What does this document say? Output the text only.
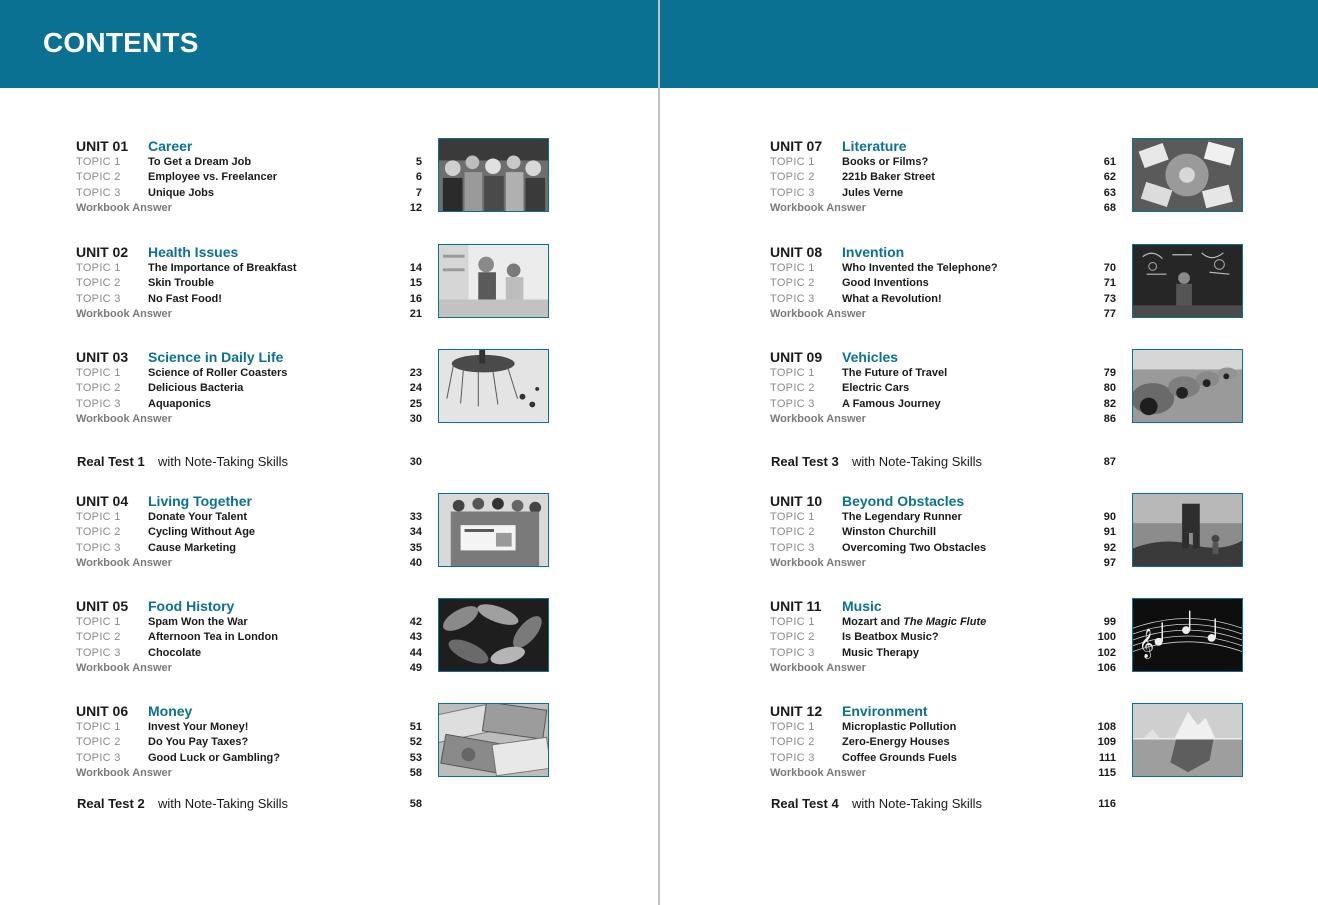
CONTENTS
UNIT 01 Career
TOPIC 1 To Get a Dream Job	5
TOPIC 2 Employee vs. Freelancer	6
TOPIC 3 Unique Jobs	7
Workbook Answer	12
UNIT 02 Health Issues
TOPIC 1 The Importance of Breakfast	14
TOPIC 2 Skin Trouble	15
TOPIC 3 No Fast Food!	16
Workbook Answer	21
UNIT 03 Science in Daily Life
TOPIC 1 Science of Roller Coasters	23
TOPIC 2 Delicious Bacteria	24
TOPIC 3 Aquaponics	25
Workbook Answer	30
Real Test 1 with Note-Taking Skills	30
UNIT 04 Living Together
TOPIC 1 Donate Your Talent	33
TOPIC 2 Cycling Without Age	34
TOPIC 3 Cause Marketing	35
Workbook Answer	40
UNIT 05 Food History
TOPIC 1 Spam Won the War	42
TOPIC 2 Afternoon Tea in London	43
TOPIC 3 Chocolate	44
Workbook Answer	49
UNIT 06 Money
TOPIC 1 Invest Your Money!	51
TOPIC 2 Do You Pay Taxes?	52
TOPIC 3 Good Luck or Gambling?	53
Workbook Answer	58
Real Test 2 with Note-Taking Skills	58
UNIT 07 Literature
TOPIC 1 Books or Films?	61
TOPIC 2 221b Baker Street	62
TOPIC 3 Jules Verne	63
Workbook Answer	68
UNIT 08 Invention
TOPIC 1 Who Invented the Telephone?	70
TOPIC 2 Good Inventions	71
TOPIC 3 What a Revolution!	73
Workbook Answer	77
UNIT 09 Vehicles
TOPIC 1 The Future of Travel	79
TOPIC 2 Electric Cars	80
TOPIC 3 A Famous Journey	82
Workbook Answer	86
Real Test 3 with Note-Taking Skills	87
UNIT 10 Beyond Obstacles
TOPIC 1 The Legendary Runner	90
TOPIC 2 Winston Churchill	91
TOPIC 3 Overcoming Two Obstacles	92
Workbook Answer	97
UNIT 11 Music
TOPIC 1 Mozart and The Magic Flute	99
TOPIC 2 Is Beatbox Music?	100
TOPIC 3 Music Therapy	102
Workbook Answer	106
𝄞
UNIT 12 Environment
TOPIC 1 Microplastic Pollution	108
TOPIC 2 Zero-Energy Houses	109
TOPIC 3 Coffee Grounds Fuels	111
Workbook Answer	115
Real Test 4 with Note-Taking Skills	116
